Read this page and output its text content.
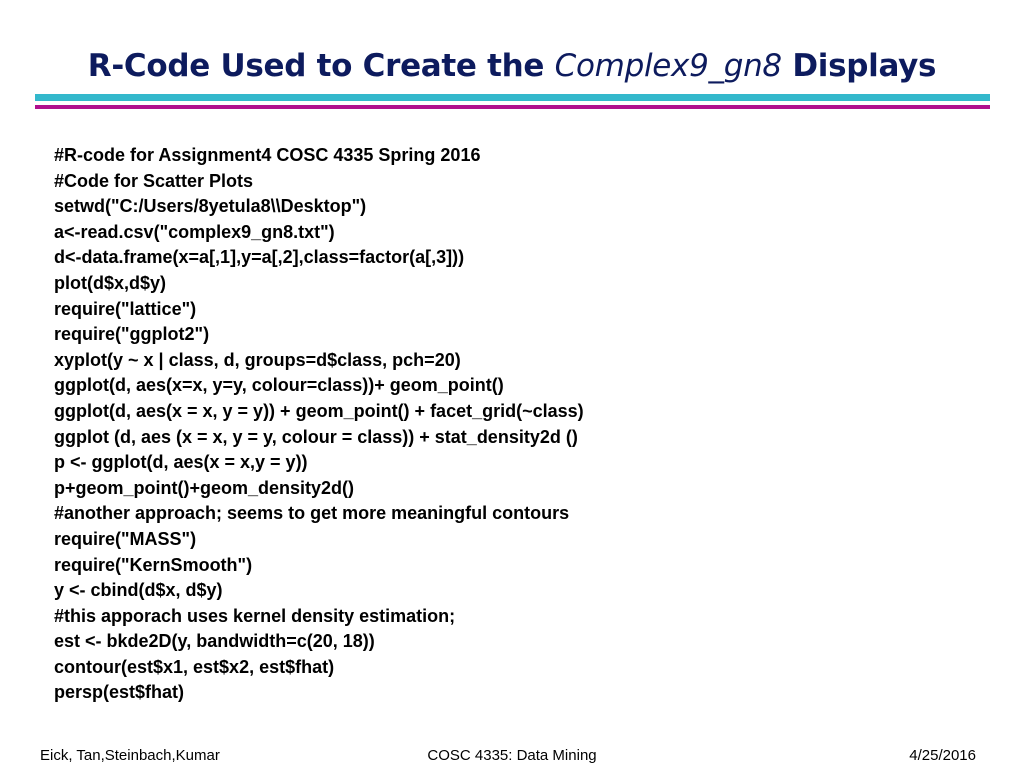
R-Code Used to Create the Complex9_gn8 Displays
#R-code for Assignment4 COSC 4335 Spring 2016
#Code for Scatter Plots
setwd("C:/Users/8yetula8\\Desktop")
a<-read.csv("complex9_gn8.txt")
d<-data.frame(x=a[,1],y=a[,2],class=factor(a[,3]))
plot(d$x,d$y)
require("lattice")
require("ggplot2")
xyplot(y ~ x | class, d, groups=d$class, pch=20)
ggplot(d, aes(x=x, y=y, colour=class))+ geom_point()
ggplot(d, aes(x = x, y = y)) + geom_point() + facet_grid(~class)
ggplot (d, aes (x = x, y = y, colour = class)) + stat_density2d ()
p <- ggplot(d, aes(x = x,y = y))
p+geom_point()+geom_density2d()
#another approach; seems to get more meaningful contours
require("MASS")
require("KernSmooth")
y <- cbind(d$x, d$y)
#this apporach uses kernel density estimation;
est <- bkde2D(y, bandwidth=c(20, 18))
contour(est$x1, est$x2, est$fhat)
persp(est$fhat)
Eick, Tan,Steinbach,Kumar	COSC 4335: Data Mining	4/25/2016
